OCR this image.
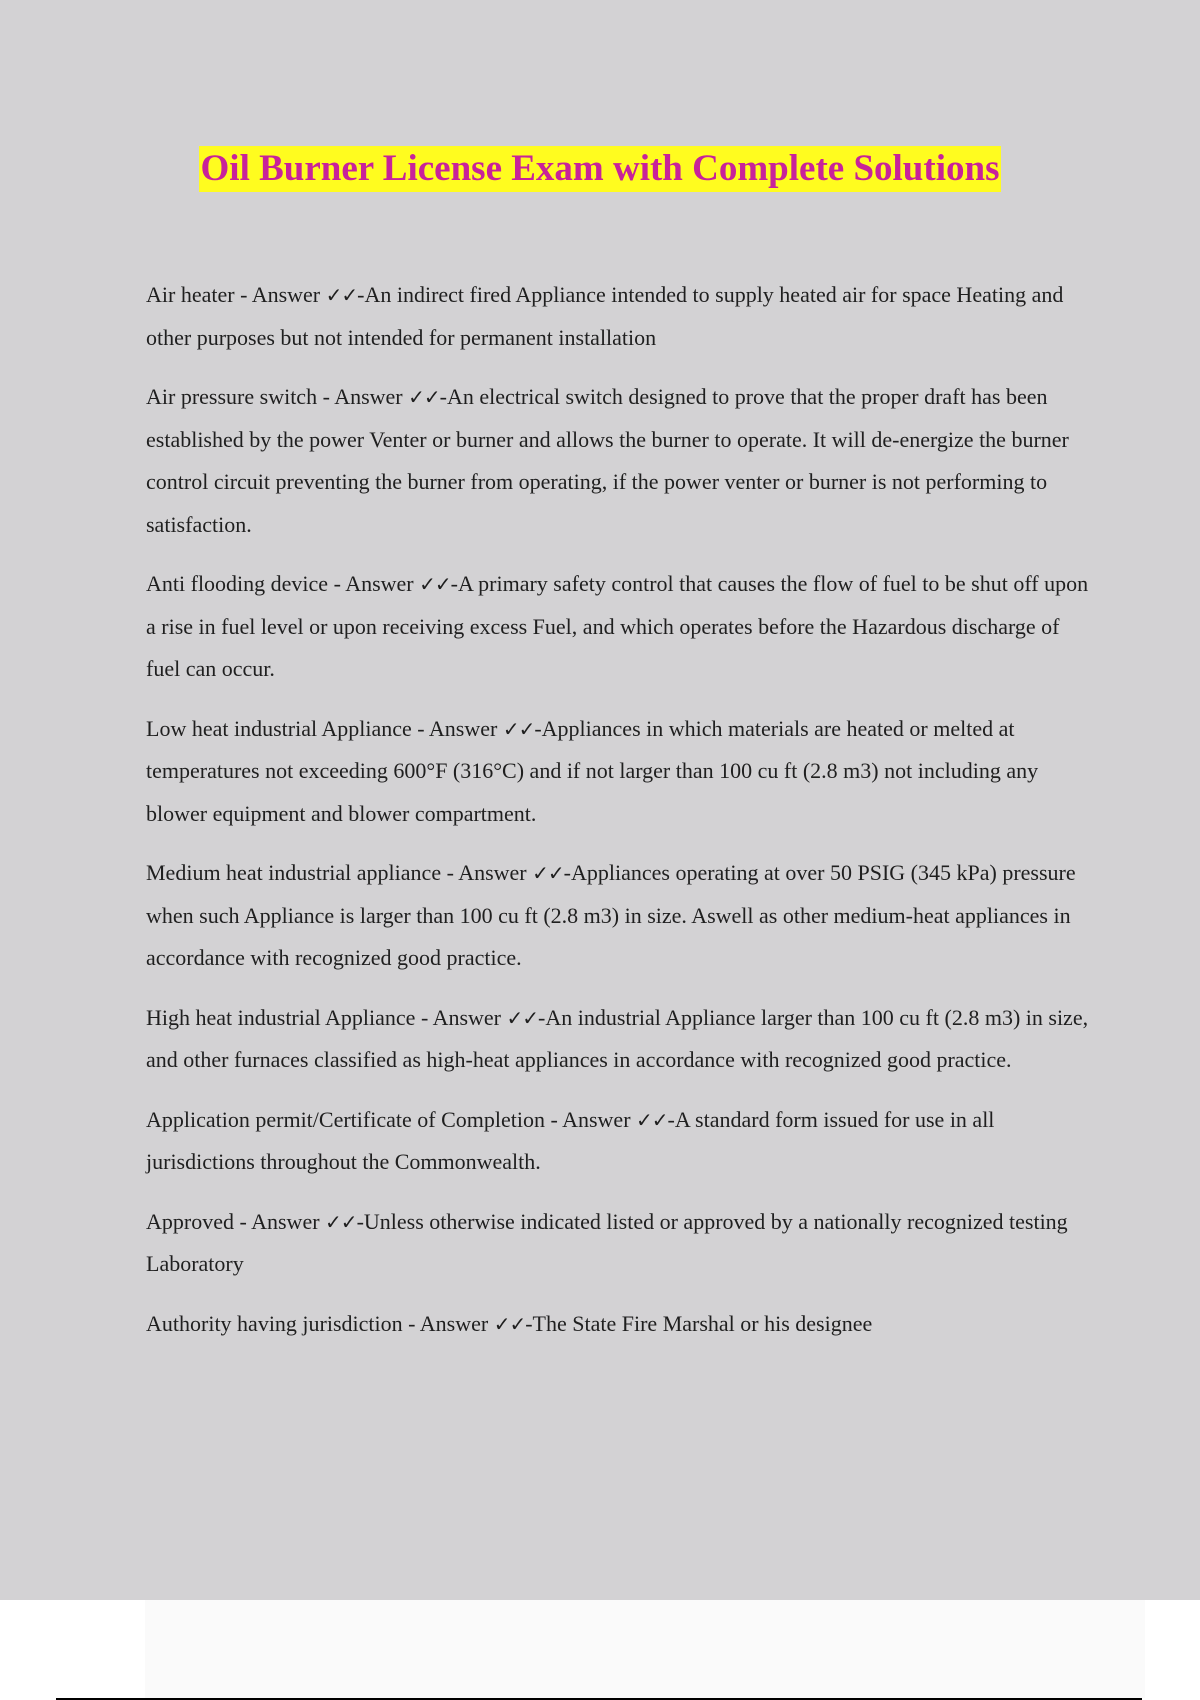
Oil Burner License Exam with Complete Solutions

Air heater - Answer ✓✓-An indirect fired Appliance intended to supply heated air for space Heating and other purposes but not intended for permanent installation

Air pressure switch - Answer ✓✓-An electrical switch designed to prove that the proper draft has been established by the power Venter or burner and allows the burner to operate. It will de-energize the burner control circuit preventing the burner from operating, if the power venter or burner is not performing to satisfaction.

Anti flooding device - Answer ✓✓-A primary safety control that causes the flow of fuel to be shut off upon a rise in fuel level or upon receiving excess Fuel, and which operates before the Hazardous discharge of fuel can occur.

Low heat industrial Appliance - Answer ✓✓-Appliances in which materials are heated or melted at temperatures not exceeding 600°F (316°C) and if not larger than 100 cu ft (2.8 m3) not including any blower equipment and blower compartment.

Medium heat industrial appliance - Answer ✓✓-Appliances operating at over 50 PSIG (345 kPa) pressure when such Appliance is larger than 100 cu ft (2.8 m3) in size. Aswell as other medium-heat appliances in accordance with recognized good practice.

High heat industrial Appliance - Answer ✓✓-An industrial Appliance larger than 100 cu ft (2.8 m3) in size, and other furnaces classified as high-heat appliances in accordance with recognized good practice.

Application permit/Certificate of Completion - Answer ✓✓-A standard form issued for use in all jurisdictions throughout the Commonwealth.

Approved - Answer ✓✓-Unless otherwise indicated listed or approved by a nationally recognized testing Laboratory

Authority having jurisdiction - Answer ✓✓-The State Fire Marshal or his designee
